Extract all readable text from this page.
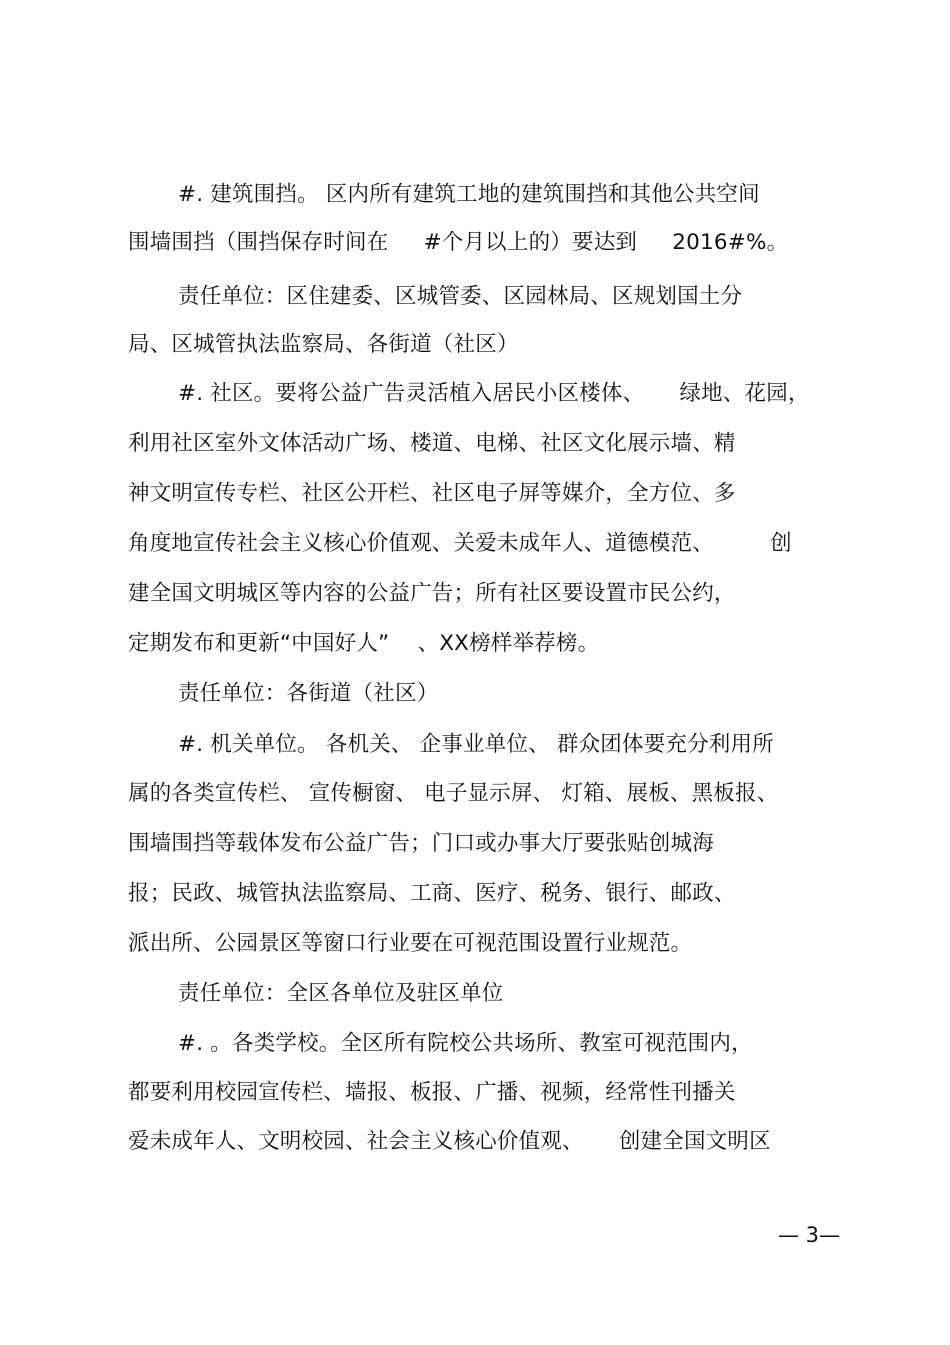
#. 建筑围挡。 区内所有建筑工地的建筑围挡和其他公共空间
围墙围挡（围挡保存时间在     #个月以上的）要达到     2016#%。
责任单位：区住建委、区城管委、区园林局、区规划国土分
局、区城管执法监察局、各街道（社区）
#. 社区。要将公益广告灵活植入居民小区楼体、     绿地、花园，
利用社区室外文体活动广场、楼道、电梯、社区文化展示墙、精
神文明宣传专栏、社区公开栏、社区电子屏等媒介，全方位、多
角度地宣传社会主义核心价值观、关爱未成年人、道德模范、        创
建全国文明城区等内容的公益广告；所有社区要设置市民公约，
定期发布和更新“中国好人”    、XX榜样举荐榜。
责任单位：各街道（社区）
#. 机关单位。 各机关、 企事业单位、 群众团体要充分利用所
属的各类宣传栏、 宣传橱窗、 电子显示屏、 灯箱、展板、黑板报、
围墙围挡等载体发布公益广告；门口或办事大厅要张贴创城海
报；民政、城管执法监察局、工商、医疗、税务、银行、邮政、
派出所、公园景区等窗口行业要在可视范围设置行业规范。
责任单位：全区各单位及驻区单位
#. 。各类学校。全区所有院校公共场所、教室可视范围内，
都要利用校园宣传栏、墙报、板报、广播、视频，经常性刊播关
爱未成年人、文明校园、社会主义核心价值观、     创建全国文明区
— 3—
